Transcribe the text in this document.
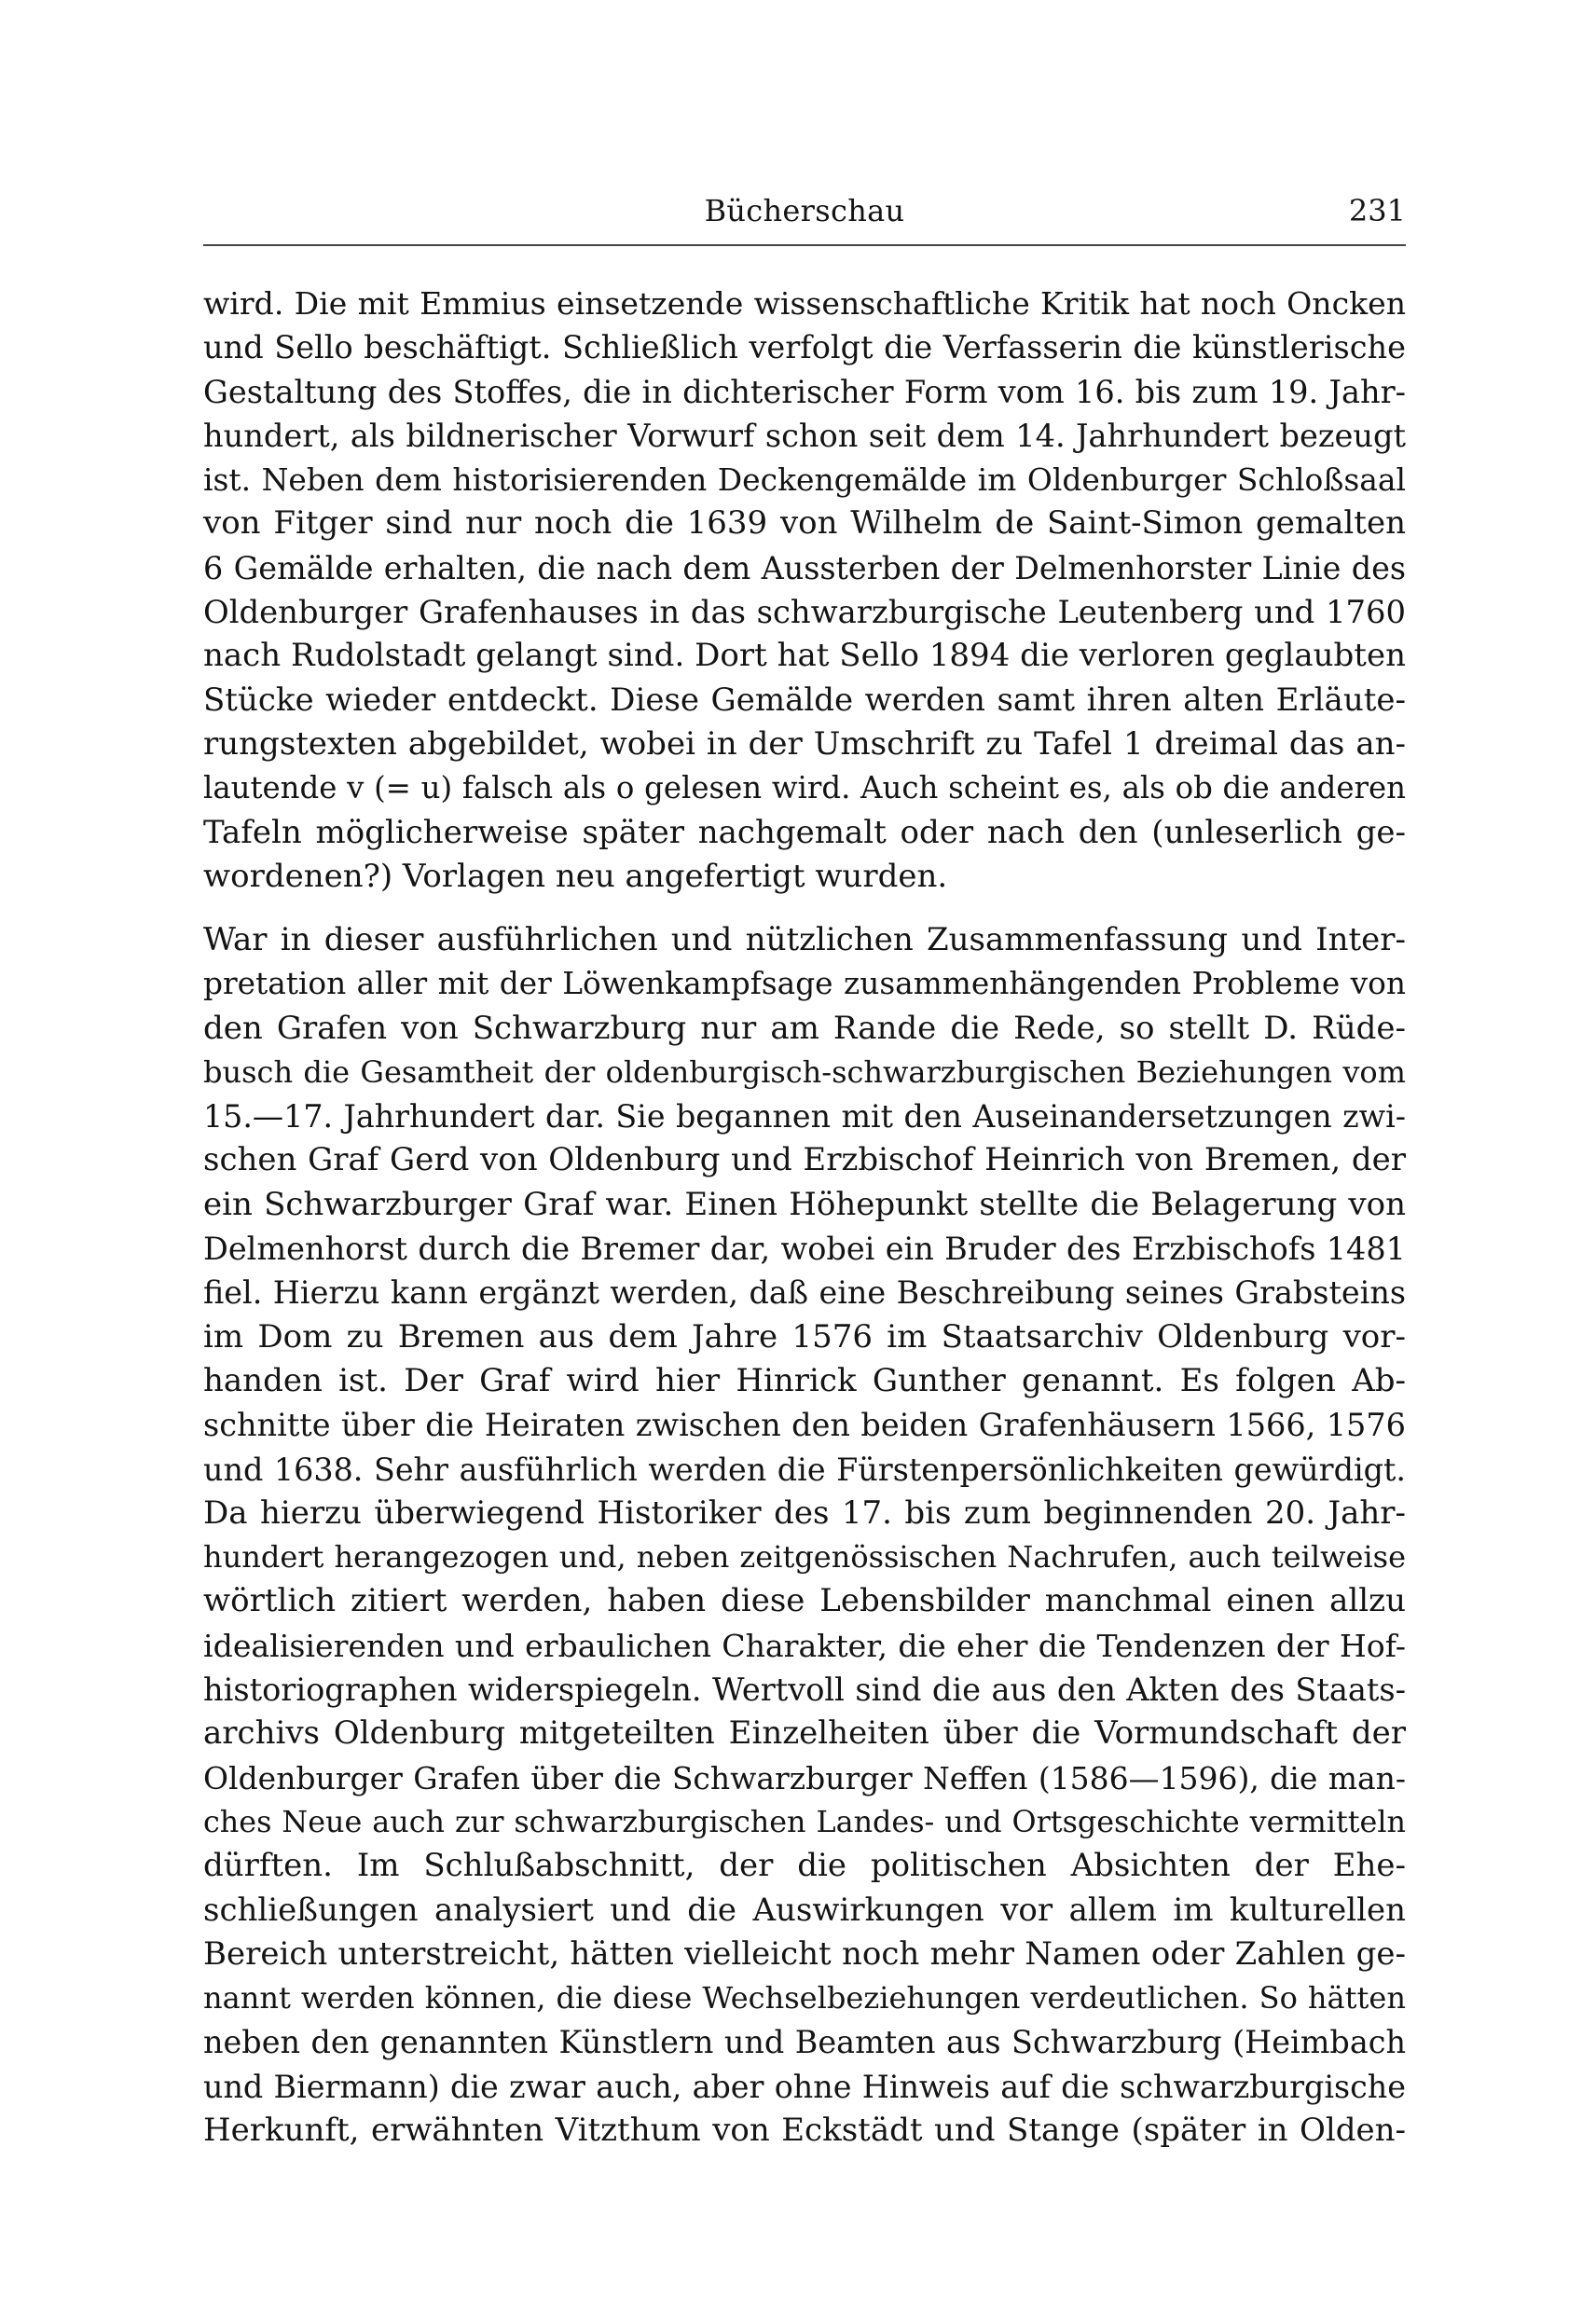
Bücherschau	231

wird. Die mit Emmius einsetzende wissenschaftliche Kritik hat noch Oncken
und Sello beschäftigt. Schließlich verfolgt die Verfasserin die künstlerische
Gestaltung des Stoffes, die in dichterischer Form vom 16. bis zum 19. Jahr-
hundert, als bildnerischer Vorwurf schon seit dem 14. Jahrhundert bezeugt
ist. Neben dem historisierenden Deckengemälde im Oldenburger Schloßsaal
von Fitger sind nur noch die 1639 von Wilhelm de Saint-Simon gemalten
6 Gemälde erhalten, die nach dem Aussterben der Delmenhorster Linie des
Oldenburger Grafenhauses in das schwarzburgische Leutenberg und 1760
nach Rudolstadt gelangt sind. Dort hat Sello 1894 die verloren geglaubten
Stücke wieder entdeckt. Diese Gemälde werden samt ihren alten Erläute-
rungstexten abgebildet, wobei in der Umschrift zu Tafel 1 dreimal das an-
lautende v (= u) falsch als o gelesen wird. Auch scheint es, als ob die anderen
Tafeln möglicherweise später nachgemalt oder nach den (unleserlich ge-
wordenen?) Vorlagen neu angefertigt wurden.

War in dieser ausführlichen und nützlichen Zusammenfassung und Inter-
pretation aller mit der Löwenkampfsage zusammenhängenden Probleme von
den Grafen von Schwarzburg nur am Rande die Rede, so stellt D. Rüde-
busch die Gesamtheit der oldenburgisch-schwarzburgischen Beziehungen vom
15.—17. Jahrhundert dar. Sie begannen mit den Auseinandersetzungen zwi-
schen Graf Gerd von Oldenburg und Erzbischof Heinrich von Bremen, der
ein Schwarzburger Graf war. Einen Höhepunkt stellte die Belagerung von
Delmenhorst durch die Bremer dar, wobei ein Bruder des Erzbischofs 1481
fiel. Hierzu kann ergänzt werden, daß eine Beschreibung seines Grabsteins
im Dom zu Bremen aus dem Jahre 1576 im Staatsarchiv Oldenburg vor-
handen ist. Der Graf wird hier Hinrick Gunther genannt. Es folgen Ab-
schnitte über die Heiraten zwischen den beiden Grafenhäusern 1566, 1576
und 1638. Sehr ausführlich werden die Fürstenpersönlichkeiten gewürdigt.
Da hierzu überwiegend Historiker des 17. bis zum beginnenden 20. Jahr-
hundert herangezogen und, neben zeitgenössischen Nachrufen, auch teilweise
wörtlich zitiert werden, haben diese Lebensbilder manchmal einen allzu
idealisierenden und erbaulichen Charakter, die eher die Tendenzen der Hof-
historiographen widerspiegeln. Wertvoll sind die aus den Akten des Staats-
archivs Oldenburg mitgeteilten Einzelheiten über die Vormundschaft der
Oldenburger Grafen über die Schwarzburger Neffen (1586—1596), die man-
ches Neue auch zur schwarzburgischen Landes- und Ortsgeschichte vermitteln
dürften. Im Schlußabschnitt, der die politischen Absichten der Ehe-
schließungen analysiert und die Auswirkungen vor allem im kulturellen
Bereich unterstreicht, hätten vielleicht noch mehr Namen oder Zahlen ge-
nannt werden können, die diese Wechselbeziehungen verdeutlichen. So hätten
neben den genannten Künstlern und Beamten aus Schwarzburg (Heimbach
und Biermann) die zwar auch, aber ohne Hinweis auf die schwarzburgische
Herkunft, erwähnten Vitzthum von Eckstädt und Stange (später in Olden-
